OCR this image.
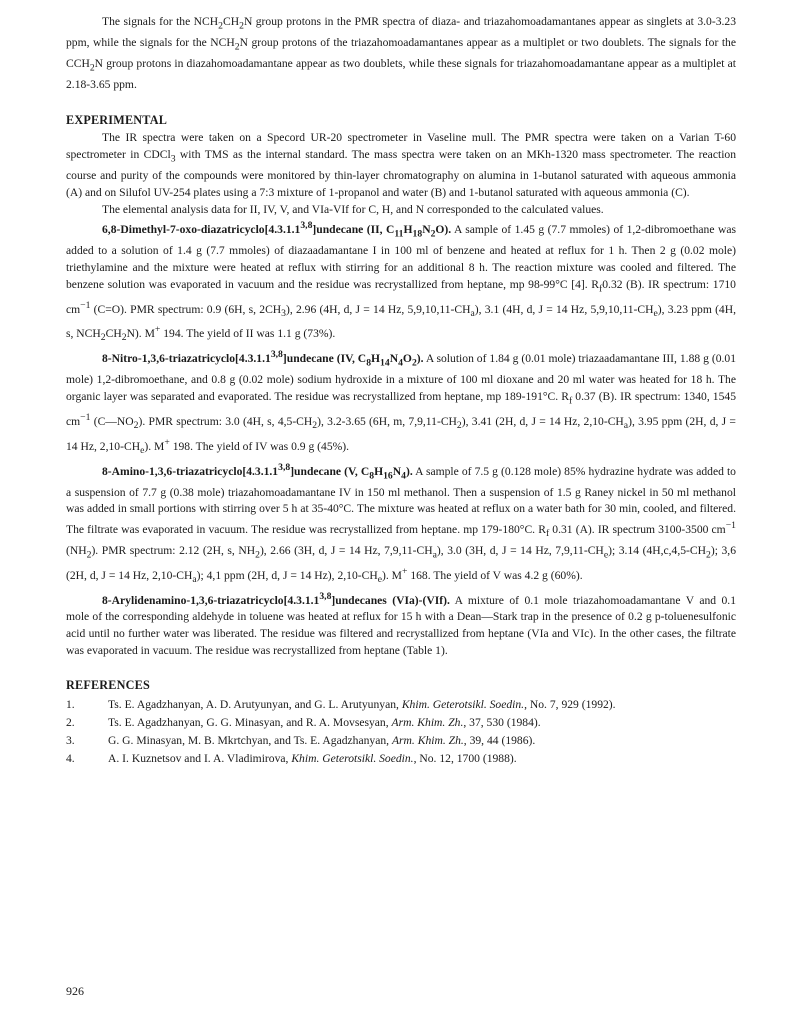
The signals for the $NCH_2CH_2N$ group protons in the PMR spectra of diaza- and triazahomoadamantanes appear as singlets at 3.0-3.23 ppm, while the signals for the $NCH_2N$ group protons of the triazahomoadamantanes appear as a multiplet or two doublets. The signals for the $CCH_2N$ group protons in diazahomoadamantane appear as two doublets, while these signals for triazahomoadamantane appear as a multiplet at 2.18-3.65 ppm.

EXPERIMENTAL

The IR spectra were taken on a Specord UR-20 spectrometer in Vaseline mull. The PMR spectra were taken on a Varian T-60 spectrometer in CDCl$_3$ with TMS as the internal standard. The mass spectra were taken on an MKh-1320 mass spectrometer. The reaction course and purity of the compounds were monitored by thin-layer chromatography on alumina in 1-butanol saturated with aqueous ammonia (A) and on Silufol UV-254 plates using a 7:3 mixture of 1-propanol and water (B) and 1-butanol saturated with aqueous ammonia (C).

The elemental analysis data for II, IV, V, and VIa-VIf for C, H, and N corresponded to the calculated values.

6,8-Dimethyl-7-oxo-diazatricyclo[4.3.1.1$^{3,8}$]undecane (II, $C_{11}H_{18}N_2O$). A sample of 1.45 g (7.7 mmoles) of 1,2-dibromoethane was added to a solution of 1.4 g (7.7 mmoles) of diazaadamantane I in 100 ml of benzene and heated at reflux for 1 h. Then 2 g (0.02 mole) triethylamine and the mixture were heated at reflux with stirring for an additional 8 h. The reaction mixture was cooled and filtered. The benzene solution was evaporated in vacuum and the residue was recrystallized from heptane, mp 98-99°C [4]. $R_f0.32$ (B). IR spectrum: 1710 $cm^{-1}$ (C=O). PMR spectrum: 0.9 (6H, s, $2CH_3$), 2.96 (4H, d, J = 14 Hz, $5,9,10,11-CH_a$), 3.1 (4H, d, J = 14 Hz, $5,9,10,11-CH_e$), 3.23 ppm (4H, s, $NCH_2CH_2N$). M+ 194. The yield of II was 1.1 g (73%).

8-Nitro-1,3,6-triazatricyclo[4.3.1.1$^{3,8}$]undecane (IV, $C_8H_{14}N_4O_2$). A solution of 1.84 g (0.01 mole) triazaadamantane III, 1.88 g (0.01 mole) 1,2-dibromoethane, and 0.8 g (0.02 mole) sodium hydroxide in a mixture of 100 ml dioxane and 20 ml water was heated for 18 h. The organic layer was separated and evaporated. The residue was recrystallized from heptane, mp 189-191°C. $R_f$ 0.37 (B). IR spectrum: 1340, 1545 $cm^{-1}$ $(C—NO_2)$. PMR spectrum: 3.0 (4H, s, $4,5-CH_2$), 3.2-3.65 (6H, m, $7,9,11-CH_2$), 3.41 (2H, d, J = 14 Hz, $2,10-CH_a$), 3.95 ppm (2H, d, J = 14 Hz, $2,10-CH_e$). M+ 198. The yield of IV was 0.9 g (45%).

8-Amino-1,3,6-triazatricyclo[4.3.1.1$^{3,8}$]undecane (V, $C_8H_{16}N_4$). A sample of 7.5 g (0.128 mole) 85% hydrazine hydrate was added to a suspension of 7.7 g (0.38 mole) triazahomoadamantane IV in 150 ml methanol. Then a suspension of 1.5 g Raney nickel in 50 ml methanol was added in small portions with stirring over 5 h at 35-40°C. The mixture was heated at reflux on a water bath for 30 min, cooled, and filtered. The filtrate was evaporated in vacuum. The residue was recrystallized from heptane. mp 179-180°C. $R_f$ 0.31 (A). IR spectrum 3100-3500 $cm^{-1}$ $(NH_2)$. PMR spectrum: 2.12 (2H, s, $NH_2$), 2.66 (3H, d, J = 14 Hz, $7,9,11-CH_a$), 3.0 (3H, d, J = 14 Hz, $7,9,11-CH_e$); 3.14 $(4H,c,4,5-CH_2)$; 3,6 (2H, d, J = 14 Hz, $2,10-CH_a$); 4,1 ppm (2H, d, J = 14 Hz), $2,10-CH_e$). M+ 168. The yield of V was 4.2 g (60%).

8-Arylidenamino-1,3,6-triazatricyclo[4.3.1.1$^{3,8}$]undecanes (VIa)-(VIf). A mixture of 0.1 mole triazahomoadamantane V and 0.1 mole of the corresponding aldehyde in toluene was heated at reflux for 15 h with a Dean—Stark trap in the presence of 0.2 g p-toluenesulfonic acid until no further water was liberated. The residue was filtered and recrystallized from heptane (VIa and VIc). In the other cases, the filtrate was evaporated in vacuum. The residue was recrystallized from heptane (Table 1).

REFERENCES
1.	Ts. E. Agadzhanyan, A. D. Arutyunyan, and G. L. Arutyunyan, Khim. Geterotsikl. Soedin., No. 7, 929 (1992).
2.	Ts. E. Agadzhanyan, G. G. Minasyan, and R. A. Movsesyan, Arm. Khim. Zh., 37, 530 (1984).
3.	G. G. Minasyan, M. B. Mkrtchyan, and Ts. E. Agadzhanyan, Arm. Khim. Zh., 39, 44 (1986).
4.	A. I. Kuznetsov and I. A. Vladimirova, Khim. Geterotsikl. Soedin., No. 12, 1700 (1988).
926
